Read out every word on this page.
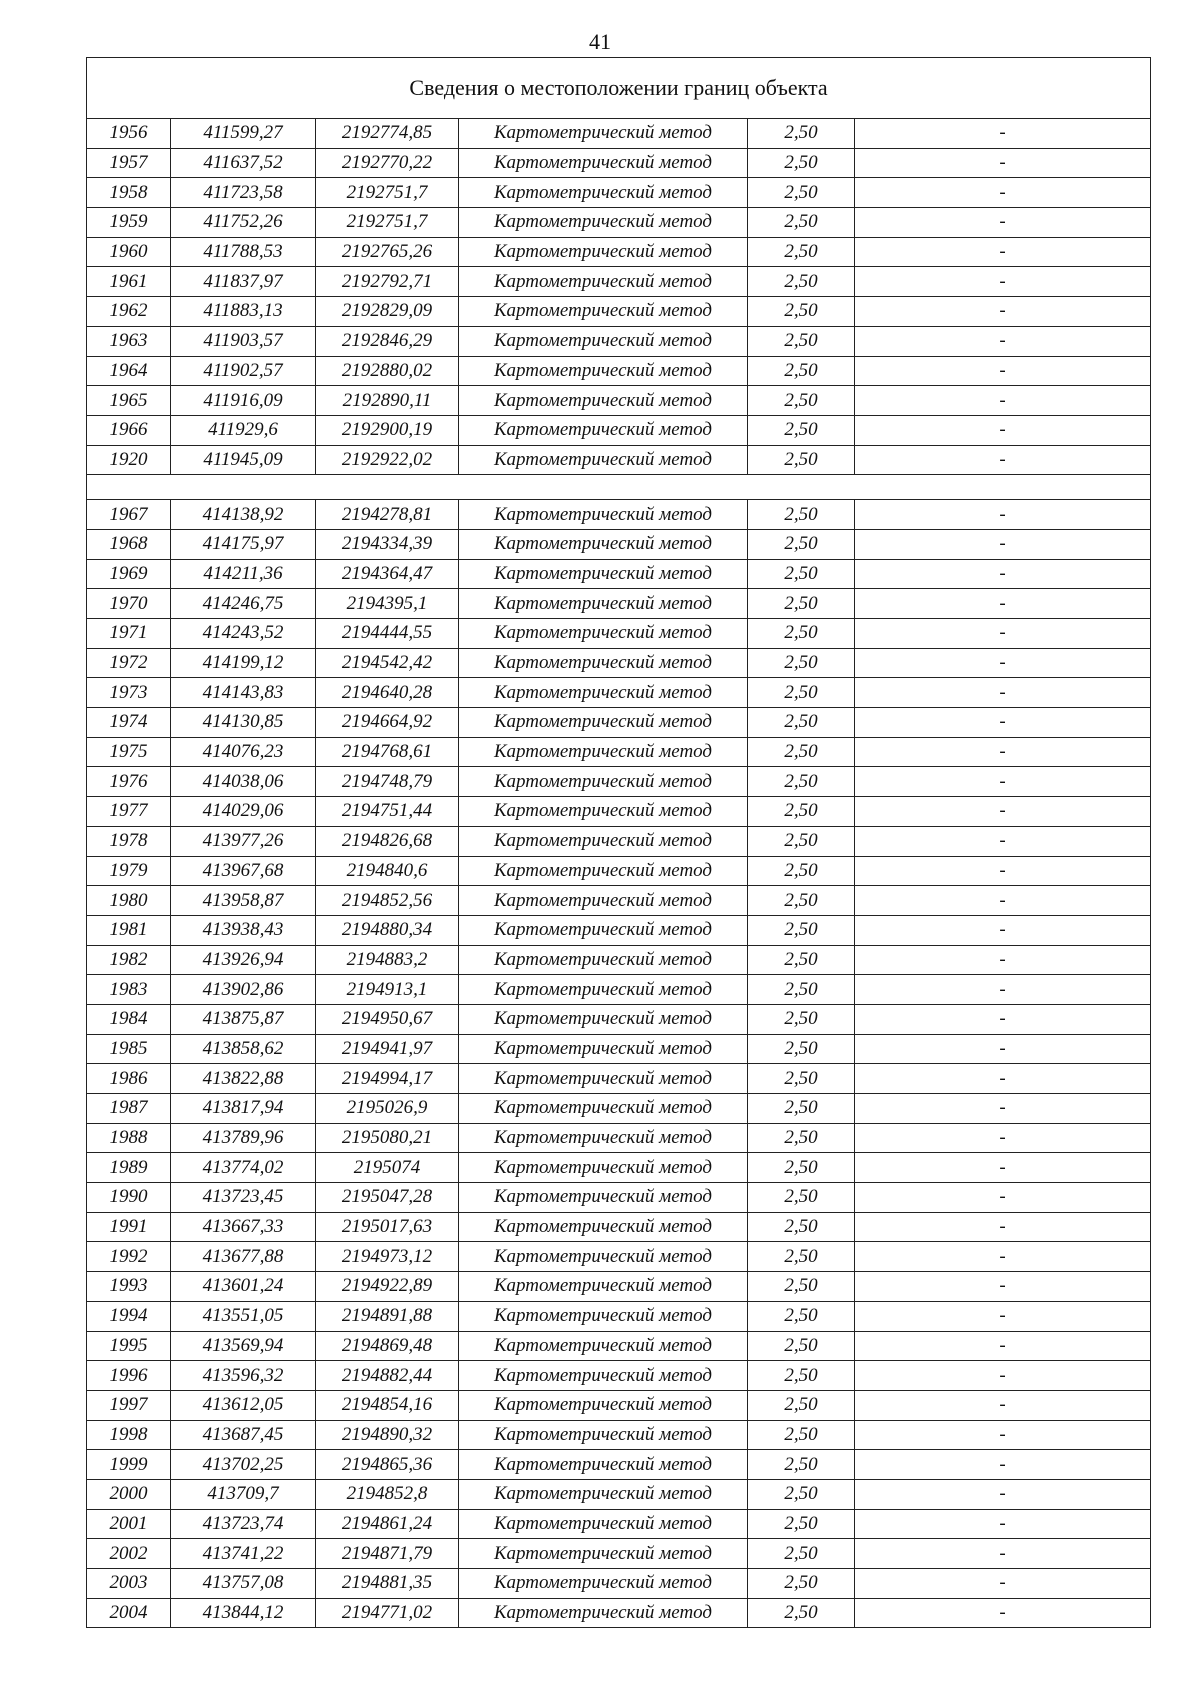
41
Сведения о местоположении границ объекта					
1956	411599,27	2192774,85	Картометрический метод	2,50	-
1957	411637,52	2192770,22	Картометрический метод	2,50	-
1958	411723,58	2192751,7	Картометрический метод	2,50	-
1959	411752,26	2192751,7	Картометрический метод	2,50	-
1960	411788,53	2192765,26	Картометрический метод	2,50	-
1961	411837,97	2192792,71	Картометрический метод	2,50	-
1962	411883,13	2192829,09	Картометрический метод	2,50	-
1963	411903,57	2192846,29	Картометрический метод	2,50	-
1964	411902,57	2192880,02	Картометрический метод	2,50	-
1965	411916,09	2192890,11	Картометрический метод	2,50	-
1966	411929,6	2192900,19	Картометрический метод	2,50	-
1920	411945,09	2192922,02	Картометрический метод	2,50	-

1967	414138,92	2194278,81	Картометрический метод	2,50	-
1968	414175,97	2194334,39	Картометрический метод	2,50	-
1969	414211,36	2194364,47	Картометрический метод	2,50	-
1970	414246,75	2194395,1	Картометрический метод	2,50	-
1971	414243,52	2194444,55	Картометрический метод	2,50	-
1972	414199,12	2194542,42	Картометрический метод	2,50	-
1973	414143,83	2194640,28	Картометрический метод	2,50	-
1974	414130,85	2194664,92	Картометрический метод	2,50	-
1975	414076,23	2194768,61	Картометрический метод	2,50	-
1976	414038,06	2194748,79	Картометрический метод	2,50	-
1977	414029,06	2194751,44	Картометрический метод	2,50	-
1978	413977,26	2194826,68	Картометрический метод	2,50	-
1979	413967,68	2194840,6	Картометрический метод	2,50	-
1980	413958,87	2194852,56	Картометрический метод	2,50	-
1981	413938,43	2194880,34	Картометрический метод	2,50	-
1982	413926,94	2194883,2	Картометрический метод	2,50	-
1983	413902,86	2194913,1	Картометрический метод	2,50	-
1984	413875,87	2194950,67	Картометрический метод	2,50	-
1985	413858,62	2194941,97	Картометрический метод	2,50	-
1986	413822,88	2194994,17	Картометрический метод	2,50	-
1987	413817,94	2195026,9	Картометрический метод	2,50	-
1988	413789,96	2195080,21	Картометрический метод	2,50	-
1989	413774,02	2195074	Картометрический метод	2,50	-
1990	413723,45	2195047,28	Картометрический метод	2,50	-
1991	413667,33	2195017,63	Картометрический метод	2,50	-
1992	413677,88	2194973,12	Картометрический метод	2,50	-
1993	413601,24	2194922,89	Картометрический метод	2,50	-
1994	413551,05	2194891,88	Картометрический метод	2,50	-
1995	413569,94	2194869,48	Картометрический метод	2,50	-
1996	413596,32	2194882,44	Картометрический метод	2,50	-
1997	413612,05	2194854,16	Картометрический метод	2,50	-
1998	413687,45	2194890,32	Картометрический метод	2,50	-
1999	413702,25	2194865,36	Картометрический метод	2,50	-
2000	413709,7	2194852,8	Картометрический метод	2,50	-
2001	413723,74	2194861,24	Картометрический метод	2,50	-
2002	413741,22	2194871,79	Картометрический метод	2,50	-
2003	413757,08	2194881,35	Картометрический метод	2,50	-
2004	413844,12	2194771,02	Картометрический метод	2,50	-
